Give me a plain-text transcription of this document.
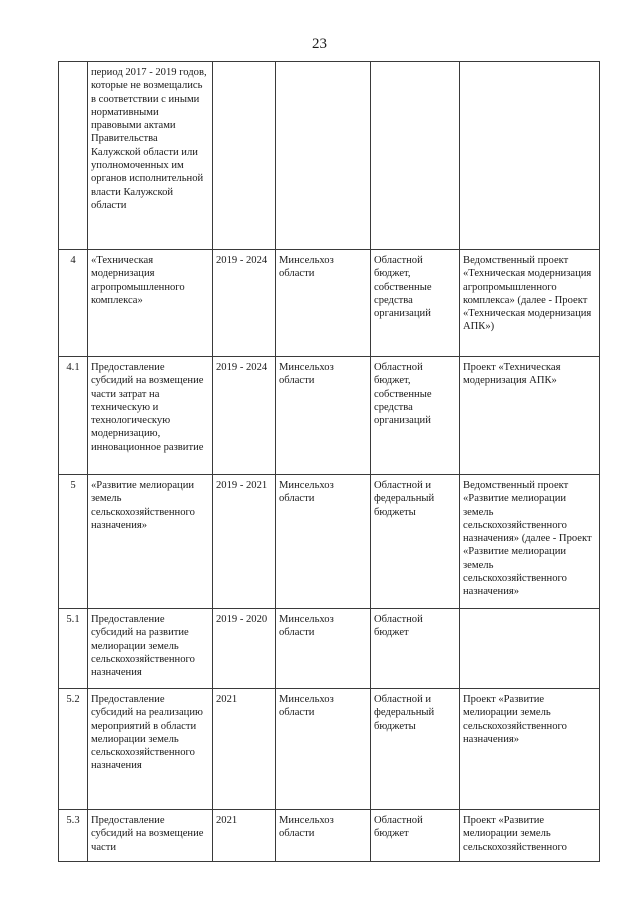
23
	период 2017 - 2019 годов, которые не возмещались в соответствии с иными нормативными правовыми актами Правительства Калужской области или уполномоченных им органов исполнительной власти Калужской области				
4	«Техническая модернизация агропромышленного комплекса»	2019 - 2024	Минсельхоз области	Областной бюджет, собственные средства организаций	Ведомственный проект «Техническая модернизация агропромышленного комплекса» (далее - Проект «Техническая модернизация АПК»)
4.1	Предоставление субсидий на возмещение части затрат на техническую и технологическую модернизацию, инновационное развитие	2019 - 2024	Минсельхоз области	Областной бюджет, собственные средства организаций	Проект «Техническая модернизация АПК»
5	«Развитие мелиорации земель сельскохозяйственного назначения»	2019 - 2021	Минсельхоз области	Областной и федеральный бюджеты	Ведомственный проект «Развитие мелиорации земель сельскохозяйственного назначения» (далее - Проект «Развитие мелиорации земель сельскохозяйственного назначения»
5.1	Предоставление субсидий на развитие мелиорации земель сельскохозяйственного назначения	2019 - 2020	Минсельхоз области	Областной бюджет	
5.2	Предоставление субсидий на реализацию мероприятий в области мелиорации земель сельскохозяйственного назначения	2021	Минсельхоз области	Областной и федеральный бюджеты	Проект «Развитие мелиорации земель сельскохозяйственного назначения»
5.3	Предоставление субсидий на возмещение части	2021	Минсельхоз области	Областной бюджет	Проект «Развитие мелиорации земель сельскохозяйственного
